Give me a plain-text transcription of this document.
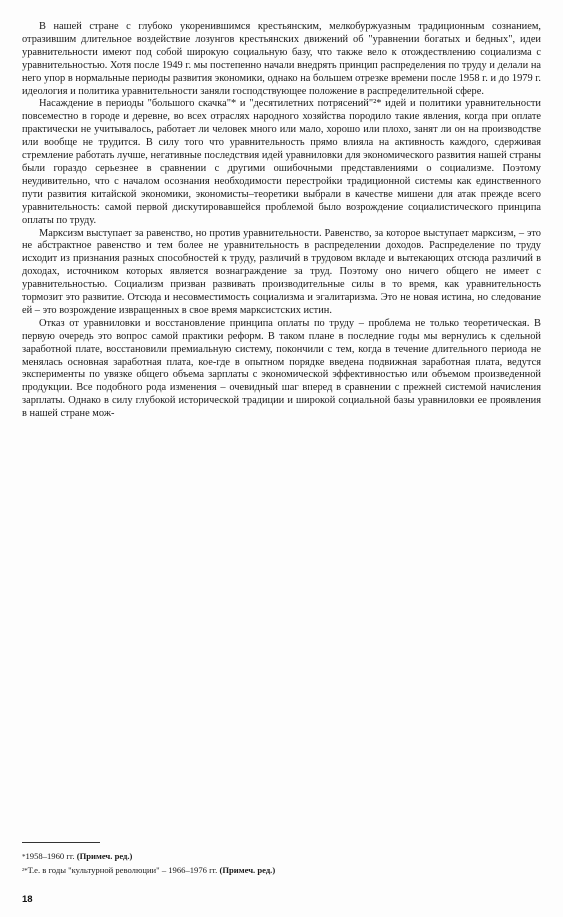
В нашей стране с глубоко укоренившимся крестьянским, мелкобуржуазным традиционным сознанием, отразившим длительное воздействие лозунгов крестьянских движений об "уравнении богатых и бедных", идеи уравнительности имеют под собой широкую социальную базу, что также вело к отождествлению социализма с уравнительностью. Хотя после 1949 г. мы постепенно начали внедрять принцип распределения по труду и делали на него упор в нормальные периоды развития экономики, однако на большем отрезке времени после 1958 г. и до 1979 г. идеология и политика уравнительности заняли господствующее положение в распределительной сфере.

Насаждение в периоды "большого скачка"* и "десятилетних потрясений"²* идей и политики уравнительности повсеместно в городе и деревне, во всех отраслях народного хозяйства породило такие явления, когда при оплате практически не учитывалось, работает ли человек много или мало, хорошо или плохо, занят ли он на производстве или вообще не трудится. В силу того что уравнительность прямо влияла на активность каждого, сдерживая стремление работать лучше, негативные последствия идей уравниловки для экономического развития нашей страны были гораздо серьезнее в сравнении с другими ошибочными представлениями о социализме. Поэтому неудивительно, что с началом осознания необходимости перестройки традиционной системы как единственного пути развития китайской экономики, экономисты–теоретики выбрали в качестве мишени для атак прежде всего уравнительность: самой первой дискутировавшейся проблемой было возрождение социалистического принципа оплаты по труду.

Марксизм выступает за равенство, но против уравнительности. Равенство, за которое выступает марксизм, – это не абстрактное равенство и тем более не уравнительность в распределении доходов. Распределение по труду исходит из признания разных способностей к труду, различий в трудовом вкладе и вытекающих отсюда различий в доходах, источником которых является вознаграждение за труд. Поэтому оно ничего общего не имеет с уравнительностью. Социализм призван развивать производительные силы в то время, как уравнительность тормозит это развитие. Отсюда и несовместимость социализма и эгалитаризма. Это не новая истина, но следование ей – это возрождение извращенных в свое время марксистских истин.

Отказ от уравниловки и восстановление принципа оплаты по труду – проблема не только теоретическая. В первую очередь это вопрос самой практики реформ. В таком плане в последние годы мы вернулись к сдельной заработной плате, восстановили премиальную систему, покончили с тем, когда в течение длительного периода не менялась основная заработная плата, кое-где в опытном порядке введена подвижная заработная плата, ведутся эксперименты по увязке общего объема зарплаты с экономической эффективностью или объемом произведенной продукции. Все подобного рода изменения – очевидный шаг вперед в сравнении с прежней системой начисления зарплаты. Однако в силу глубокой исторической традиции и широкой социальной базы уравниловки ее проявления в нашей стране мож-

*1958–1960 гг. (Примеч. ред.)
²*Т.е. в годы "культурной революции" – 1966–1976 гг. (Примеч. ред.)
18
